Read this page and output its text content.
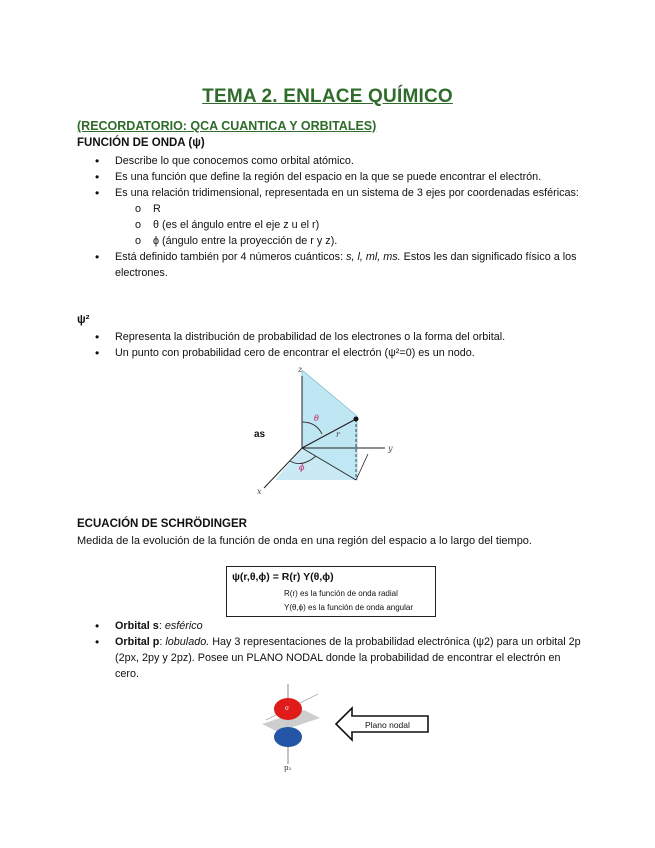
TEMA 2. ENLACE QUÍMICO
(RECORDATORIO: QCA CUANTICA Y ORBITALES)
FUNCIÓN DE ONDA (ψ)
• Describe lo que conocemos como orbital atómico.
• Es una función que define la región del espacio en la que se puede encontrar el electrón.
• Es una relación tridimensional, representada en un sistema de 3 ejes por coordenadas esféricas:
o R
o θ (es el ángulo entre el eje z u el r)
o ϕ (ángulo entre la proyección de r y z).
• Está definido también por 4 números cuánticos: s, l, ml, ms. Estos les dan significado físico a los electrones.
ψ²
• Representa la distribución de probabilidad de los electrones o la forma del orbital.
• Un punto con probabilidad cero de encontrar el electrón (ψ²=0) es un nodo.
z
y
x
θ
ϕ
r
as
ECUACIÓN DE SCHRÖDINGER
Medida de la evolución de la función de onda en una región del espacio a lo largo del tiempo.
ψ(r,θ,ϕ) = R(r) Y(θ,ϕ)
R(r) es la función de onda radial
Y(θ,ϕ) es la función de onda angular
• Orbital s: esférico
• Orbital p: lobulado. Hay 3 representaciones de la probabilidad electrónica (ψ2) para un orbital 2p (2px, 2py y 2pz). Posee un PLANO NODAL donde la probabilidad de encontrar el electrón en cero.
σ
p₂
Plano nodal
